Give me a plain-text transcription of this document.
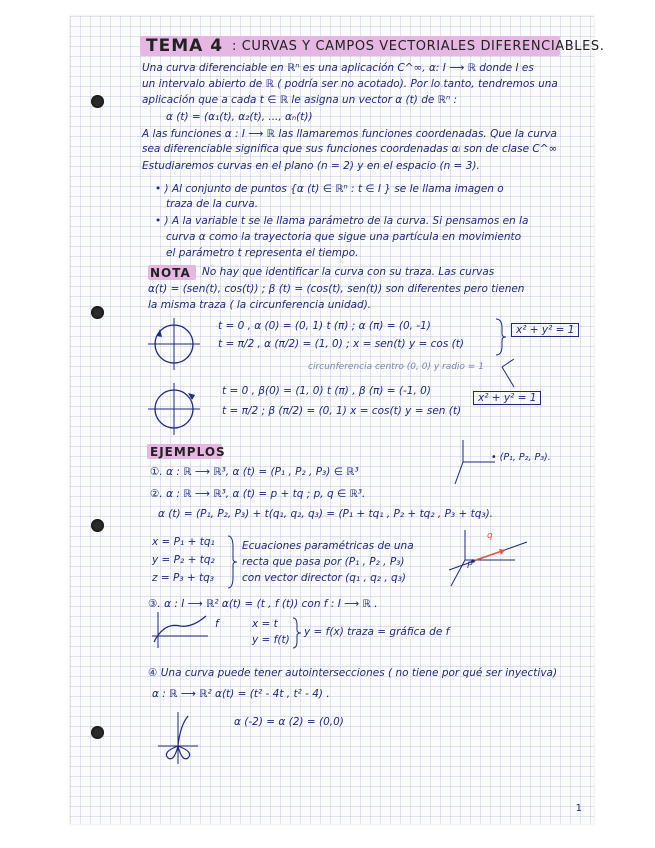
TEMA 4 : CURVAS Y CAMPOS VECTORIALES DIFERENCIABLES.
Una curva diferenciable en ℝⁿ es una aplicación C^∞, α: I ⟶ ℝ donde I es
un intervalo abierto de ℝ ( podría ser no acotado). Por lo tanto, tendremos una
aplicación que a cada t ∈ ℝ le asigna un vector α (t) de ℝⁿ :
α (t) = (α₁(t), α₂(t), ..., αₙ(t))
A las funciones α : I ⟶ ℝ las llamaremos funciones coordenadas. Que la curva
sea diferenciable significa que sus funciones coordenadas αᵢ son de clase C^∞
Estudiaremos curvas en el plano (n = 2) y en el espacio (n = 3).
• ) Al conjunto de puntos {α (t) ∈ ℝⁿ : t ∈ I } se le llama imagen o
traza de la curva.
• ) A la variable t se le llama parámetro de la curva. Si pensamos en la
curva α como la trayectoria que sigue una partícula en movimiento
el parámetro t representa el tiempo.
NOTA No hay que identificar la curva con su traza. Las curvas
α(t) = (sen(t), cos(t)) ; β (t) = (cos(t), sen(t)) son diferentes pero tienen
la misma traza ( la circunferencia unidad).
t = 0 , α (0) = (0, 1) t (π) ; α (π) = (0, -1)
t = π/2 , α (π/2) = (1, 0) ; x = sen(t) y = cos (t)
x² + y² = 1
circunferencia centro (0, 0) y radio = 1
t = 0 , β(0) = (1, 0) t (π) , β (π) = (-1, 0)
t = π/2 ; β (π/2) = (0, 1) x = cos(t) y = sen (t)
x² + y² = 1
EJEMPLOS	• (P₁, P₂, P₃).
①. α : ℝ ⟶ ℝ³, α (t) = (P₁ , P₂ , P₃) ∈ ℝ³
②. α : ℝ ⟶ ℝ³, α (t) = p + tq ; p, q ∈ ℝ³.
α (t) = (P₁, P₂, P₃) + t(q₁, q₂, q₃) = (P₁ + tq₁ , P₂ + tq₂ , P₃ + tq₃).
x = P₁ + tq₁
y = P₂ + tq₂
z = P₃ + tq₃
Ecuaciones paramétricas de una
recta que pasa por (P₁ , P₂ , P₃)
con vector director (q₁ , q₂ , q₃)
q
P
③. α : I ⟶ ℝ² α(t) = (t , f (t)) con f : I ⟶ ℝ .
f	x = t
y = f(t)
y = f(x) traza = gráfica de f
④ Una curva puede tener autointersecciones ( no tiene por qué ser inyectiva)
α : ℝ ⟶ ℝ² α(t) = (t² - 4t , t² - 4) .
α (-2) = α (2) = (0,0)
1
